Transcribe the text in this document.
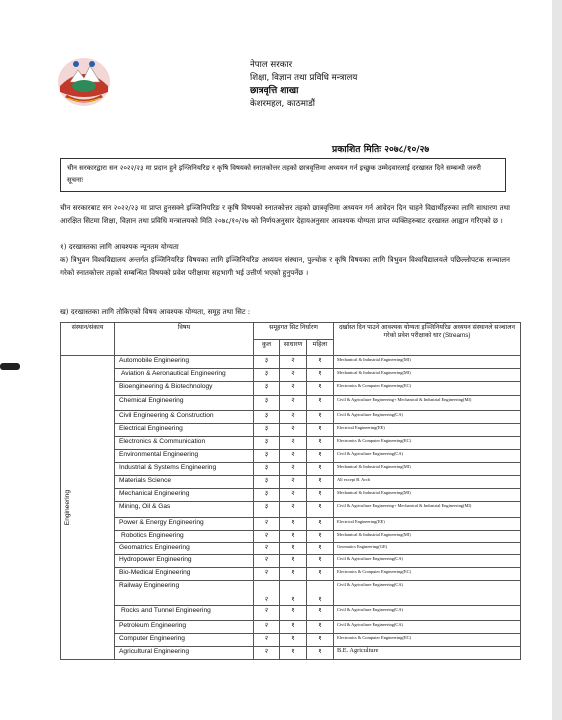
नेपाल सरकार
शिक्षा, विज्ञान तथा प्रविधि मन्त्रालय
छात्रवृत्ति शाखा
केशरमहल, काठमाडौं
प्रकाशित मितिः २०७८/१०/२७
चीन सरकारद्वारा सन २०२२/२३ मा प्रदान हुने इन्जिनियरिङ र कृषि विषयको स्नातकोत्तर तहको छात्रवृत्तिमा अध्ययन गर्न इच्छुक उम्मेदवारलाई दरखास्त दिने सम्बन्धी जरुरी सूचनाः
चीन सरकारबाट सन २०२२/२३ मा प्राप्त हुनसक्ने इञ्जिनियरिङ र कृषि विषयको स्नातकोत्तर तहको छात्रवृत्तिमा अध्ययन गर्न आवेदन दिन चाहने विद्यार्थीहरुका लागि साधारण तथा आरक्षित सिटमा शिक्षा, विज्ञान तथा प्रविधि मन्त्रालयको मिति २०७८/१०/२७ को निर्णयअनुसार देहायअनुसार आवश्यक योग्यता प्राप्त व्यक्तिहरुबाट दरखास्त आह्वान गरिएको छ ।
१) दरखास्तका लागि आवश्यक न्यूनतम योग्यता
क) त्रिभुवन विश्वविद्यालय अन्तर्गत इञ्जिनियरिङ विषयका लागि इञ्जिनियरिङ अध्ययन संस्थान, पुल्चोक र कृषि विषयका लागि त्रिभुवन विश्वविद्यालयले पछिल्लोपटक सञ्चालन गरेको स्नातकोत्तर तहको सम्बन्धित विषयको प्रवेश परीक्षामा सहभागी भई उत्तीर्ण भएको हुनुपर्नेछ ।
ख) दरखास्तका लागि तोकिएको विषय आवश्यक योग्यता, समूह तथा सिट :
संस्थान/संकाय	विषय	समूहगत सिट निर्धारण			दर्खास्त दिन पाउने आवश्यक योग्यता इञ्जिनियरिङ अध्ययन संस्थानले सञ्चालन गरेको प्रवेश परीक्षाको धार (Streams)
		कुल	साधारण	महिला	

Engineering	Automobile Engineering	३	२	१	Mechanical & Industrial Engineering(MI)
	Aviation & Aeronautical Engineering	३	२	१	Mechanical & Industrial Engineering(MI)
	Bioengineering & Biotechnology	३	२	१	Electronics & Computer Engineering(EC)
	Chemical Engineering	३	२	१	Civil & Agriculture Engineering+ Mechanical & Industrial Engineering(MI)
	Civil Engineering & Construction	३	२	१	Civil & Agriculture Engineering(CA)
	Electrical Engineering	३	२	१	Electrical Engineering(EE)
	Electronics & Communication	३	२	१	Electronics & Computer Engineering(EC)
	Environmental Engineering	३	२	१	Civil & Agriculture Engineering(CA)
	Industrial & Systems Engineering	३	२	१	Mechanical & Industrial Engineering(MI)
	Materials Science	३	२	१	All except B. Arch
	Mechanical Engineering	३	२	१	Mechanical & Industrial Engineering(MI)
	Mining, Oil & Gas	३	२	१	Civil & Agriculture Engineering+ Mechanical & Industrial Engineering(MI)
	Power & Energy Engineering	२	१	१	Electrical Engineering(EE)
	Robotics Engineering	२	१	१	Mechanical & Industrial Engineering(MI)
	Geomatrics Engineering	२	१	१	Geomatics Engineering(GE)
	Hydropower Engineering	२	१	१	Civil & Agriculture Engineering(CA)
	Bio-Medical Engineering	२	१	१	Electronics & Computer Engineering(EC)
	Railway Engineering	२	१	१	Civil & Agriculture Engineering(CA)
	Rocks and Tunnel Engineering	२	१	१	Civil & Agriculture Engineering(CA)
	Petroleum Engineering	२	१	१	Civil & Agriculture Engineering(CA)
	Computer Engineering	२	१	१	Electronics & Computer Engineering(EC)
	Agricultural Engineering	२	१	१	B.E. Agriculture
